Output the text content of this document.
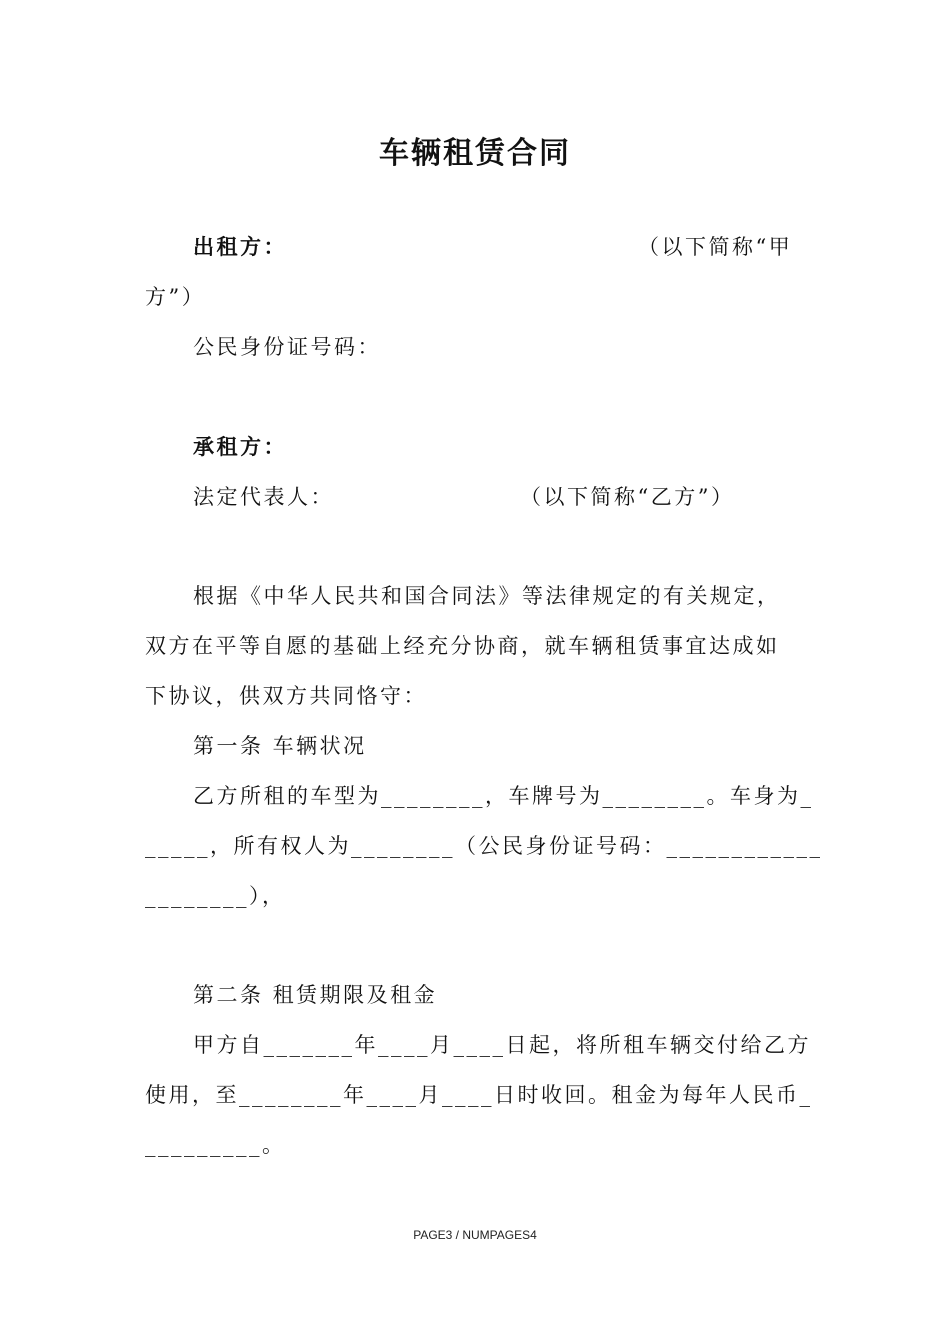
车辆租赁合同
出租方：	（以下简称“甲
方”）
公民身份证号码：
承租方：
法定代表人：	（以下简称“乙方”）
根据《中华人民共和国合同法》等法律规定的有关规定，
双方在平等自愿的基础上经充分协商，就车辆租赁事宜达成如
下协议，供双方共同恪守：
第一条 车辆状况
乙方所租的车型为________，车牌号为________。车身为_
_____，所有权人为________（公民身份证号码：____________
________），
第二条 租赁期限及租金
甲方自_______年____月____日起，将所租车辆交付给乙方
使用，至________年____月____日时收回。租金为每年人民币_
_________。
PAGE3 / NUMPAGES4
